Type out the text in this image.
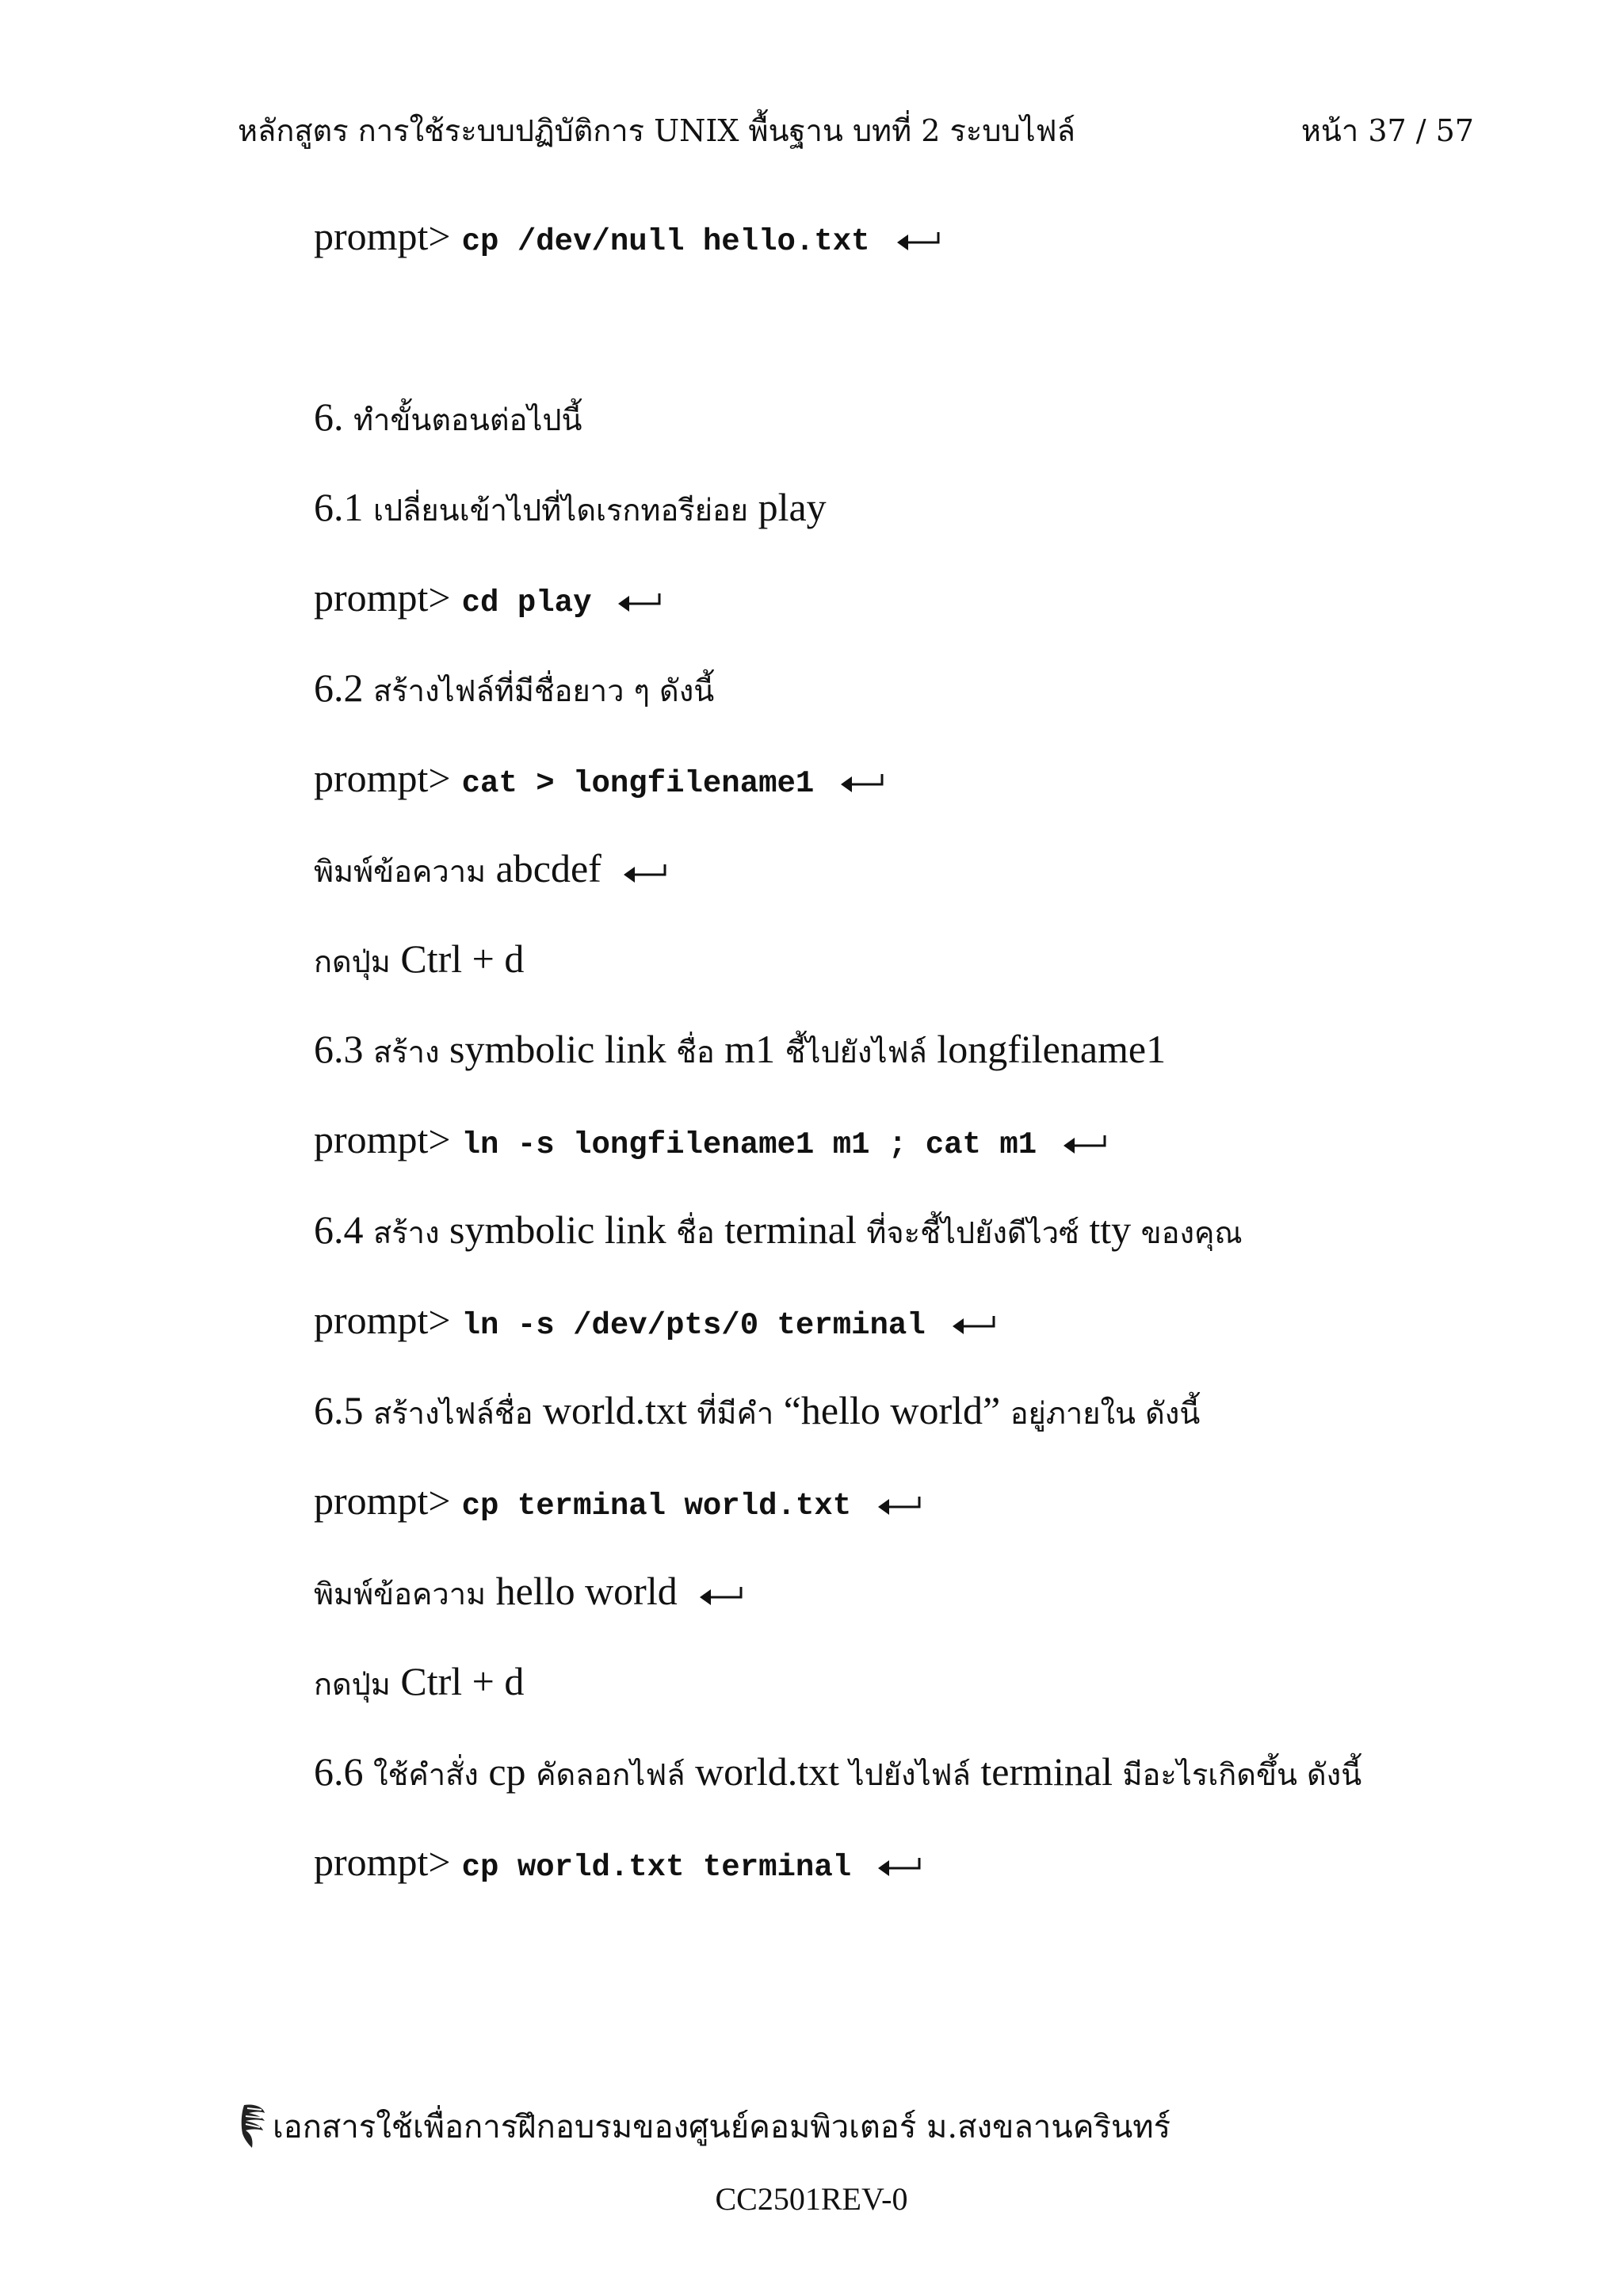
หลักสูตร การใช้ระบบปฏิบัติการ UNIX พื้นฐาน บทที่ 2 ระบบไฟล์	หน้า 37 / 57
prompt> cp /dev/null hello.txt
6. ทำขั้นตอนต่อไปนี้
6.1 เปลี่ยนเข้าไปที่ไดเรกทอรีย่อย play
prompt> cd play
6.2 สร้างไฟล์ที่มีชื่อยาว ๆ ดังนี้
prompt> cat > longfilename1
พิมพ์ข้อความ abcdef
กดปุ่ม Ctrl + d
6.3 สร้าง symbolic link ชื่อ m1 ชี้ไปยังไฟล์ longfilename1
prompt> ln -s longfilename1 m1 ; cat m1
6.4 สร้าง symbolic link ชื่อ terminal ที่จะชี้ไปยังดีไวซ์ tty ของคุณ
prompt> ln -s /dev/pts/0 terminal
6.5 สร้างไฟล์ชื่อ world.txt ที่มีคำ “hello world” อยู่ภายใน ดังนี้
prompt> cp terminal world.txt
พิมพ์ข้อความ hello world
กดปุ่ม Ctrl + d
6.6 ใช้คำสั่ง cp คัดลอกไฟล์ world.txt ไปยังไฟล์ terminal มีอะไรเกิดขึ้น ดังนี้
prompt> cp world.txt terminal
เอกสารใช้เพื่อการฝึกอบรมของศูนย์คอมพิวเตอร์ ม.สงขลานครินทร์
CC2501REV-0
